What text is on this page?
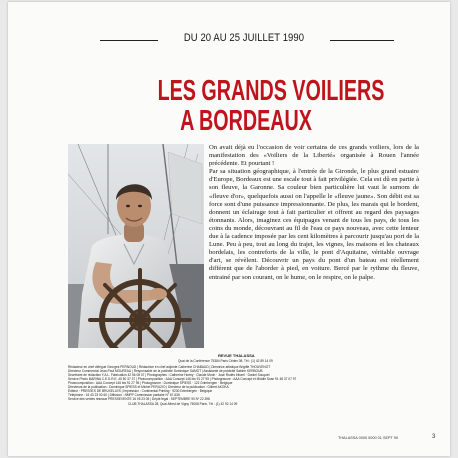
DU 20 AU 25 JUILLET 1990
LES GRANDS VOILIERS
A BORDEAUX

On avait déjà eu l'occasion de voir certains de ces grands voiliers, lors de la manifestation des «Voiliers de la Liberté» organisée à Rouen l'année précédente. Et pourtant !

Par sa situation géographique, à l'entrée de la Gironde, le plus grand estuaire d'Europe, Bordeaux est une escale tout à fait privilégiée. Cela est dû en partie à son fleuve, la Garonne. Sa couleur bien particulière lui vaut le surnom de «fleuve d'or», quelquefois aussi on l'appelle le «fleuve jaune». Son débit est sa force sont d'une puissance impressionnante. De plus, les marais qui le bordent, donnent un éclairage tout à fait particulier et offrent au regard des paysages étonnants. Alors, imaginez ces équipages venant de tous les pays, de tous les coins du monde, découvrant au fil de l'eau ce pays nouveau, avec cette lenteur due à la cadence imposée par les cent kilomètres à parcourir jusqu'au port de la Lune. Peu à peu, tout au long du trajet, les vignes, les maisons et les chateaux bordelais, les contreforts de la ville, le pont d'Aquitaine, véritable ouvrage d'art, se révèlent. Découvrir un pays du pont d'un bateau est réellement différent que de l'aborder à pied, en voiture. Bercé par le rythme du fleuve, entrainé par son courant, on le hume, on le respire, on le palpe.

REVUE THALASSA
Quai de la Conférence 75384 Paris Cédex 08. Tél : (1) 42 89 14 09
Rédacteur en chef délégué Georges PERNOUD | Rédactrice en chef adjointe Catherine CHABAUD | Directrice artistique Brigitte THOUVENOT
Directeur Commercial Jean-Paul MOUREAU | Responsable de la publicité Dominique SAMOT | Assistante de publicité Sabine KERBOUB
Secrétaire de rédaction Y.A.L. Fabrication 42 56 08 07 | Photographes : Catherine Hoeny · Claude Morin · José Rodés Iribarri · Daniel Souquet
Service Photo MARINA C.E.D.R.E. 45 50 37 37 | Photocomposition : AAA Concept 146 bis 91 27 95 | Photogravure : AAA Concept et Middle Scan 91 48 37 07 97
Photocomposition : AAA Concept 146 bis 91 27 95 | Photogravure : Dominique SPIESS · 122 Grimbergen · Belgique
Directeurs de la publication : Dominique SPIESS et Michel PERUZIO | Directeur de la publication : Gilbert AKOKA
Éditeur : PRESSES DE BRUXELLES | Impression : Continental Printing · 9230 Drimbergen · Belgique
Téléphone : 16 43 23 00 60 | Diffusion : NMPP Commission paritaire N° 67-636
Service des ventes réseaux PRESSEVENTE 16 05 23 05 | Dépôt légal : SEPTEMBRE 90 Nº 22.398
CLUB THALASSA 28, Quai Alfred de Vigny 75008 Paris. Tél : (1) 42 92 14 09
THALASSA 0000 0000 01 SEPT 90	3
